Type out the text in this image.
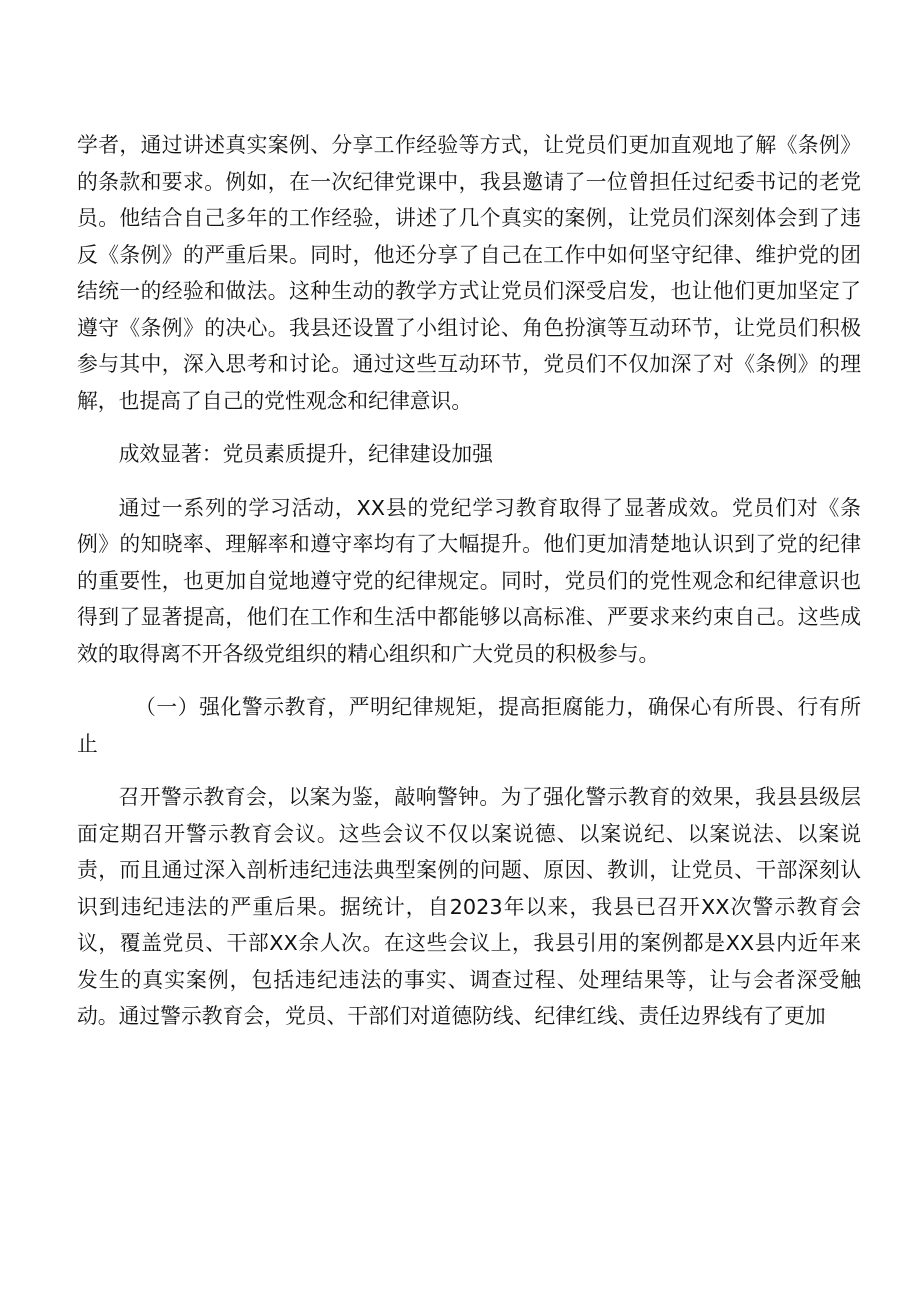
学者，通过讲述真实案例、分享工作经验等方式，让党员们更加直观地了解《条例》的条款和要求。例如，在一次纪律党课中，我县邀请了一位曾担任过纪委书记的老党员。他结合自己多年的工作经验，讲述了几个真实的案例，让党员们深刻体会到了违反《条例》的严重后果。同时，他还分享了自己在工作中如何坚守纪律、维护党的团结统一的经验和做法。这种生动的教学方式让党员们深受启发，也让他们更加坚定了遵守《条例》的决心。我县还设置了小组讨论、角色扮演等互动环节，让党员们积极参与其中，深入思考和讨论。通过这些互动环节，党员们不仅加深了对《条例》的理解，也提高了自己的党性观念和纪律意识。

成效显著：党员素质提升，纪律建设加强

通过一系列的学习活动，XX县的党纪学习教育取得了显著成效。党员们对《条例》的知晓率、理解率和遵守率均有了大幅提升。他们更加清楚地认识到了党的纪律的重要性，也更加自觉地遵守党的纪律规定。同时，党员们的党性观念和纪律意识也得到了显著提高，他们在工作和生活中都能够以高标准、严要求来约束自己。这些成效的取得离不开各级党组织的精心组织和广大党员的积极参与。

（一）强化警示教育，严明纪律规矩，提高拒腐能力，确保心有所畏、行有所止

召开警示教育会，以案为鉴，敲响警钟。为了强化警示教育的效果，我县县级层面定期召开警示教育会议。这些会议不仅以案说德、以案说纪、以案说法、以案说责，而且通过深入剖析违纪违法典型案例的问题、原因、教训，让党员、干部深刻认识到违纪违法的严重后果。据统计，自2023年以来，我县已召开XX次警示教育会议，覆盖党员、干部XX余人次。在这些会议上，我县引用的案例都是XX县内近年来发生的真实案例，包括违纪违法的事实、调查过程、处理结果等，让与会者深受触动。通过警示教育会，党员、干部们对道德防线、纪律红线、责任边界线有了更加
